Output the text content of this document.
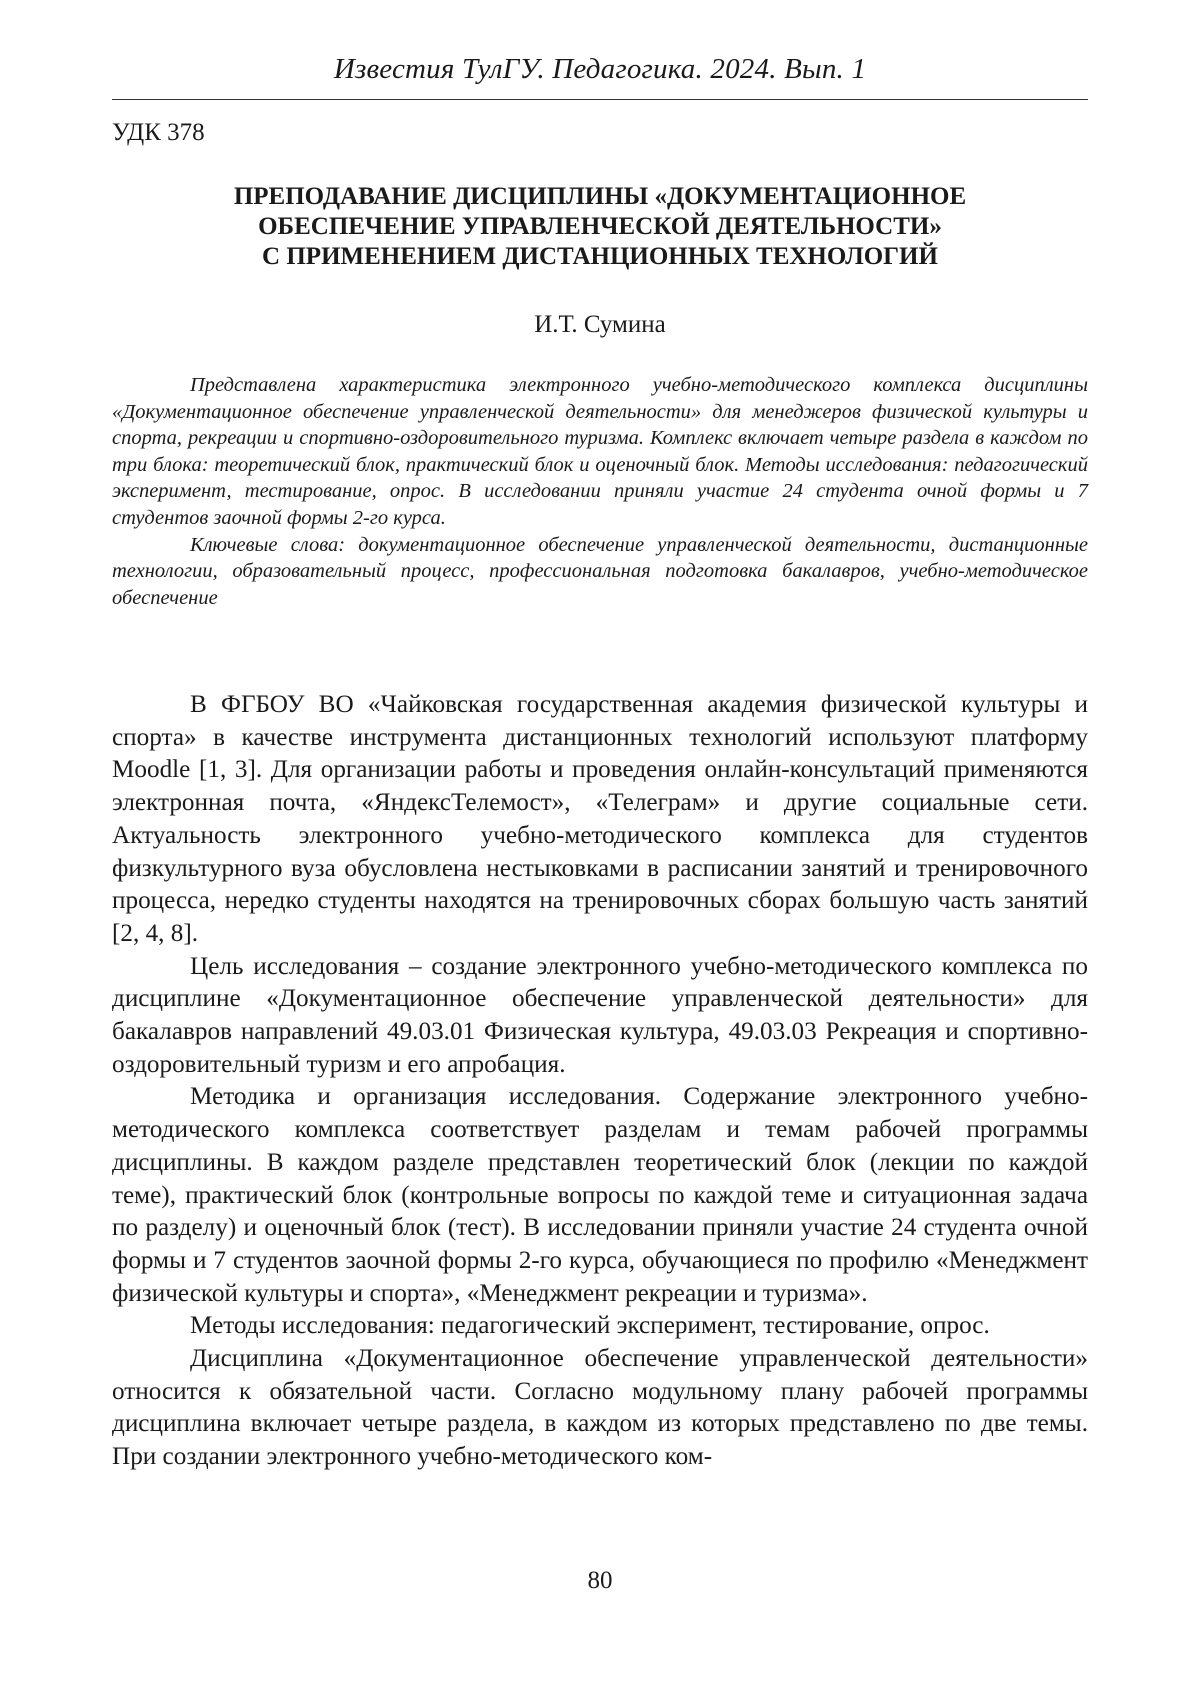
Известия ТулГУ. Педагогика. 2024. Вып. 1
УДК 378
ПРЕПОДАВАНИЕ ДИСЦИПЛИНЫ «ДОКУМЕНТАЦИОННОЕ
ОБЕСПЕЧЕНИЕ УПРАВЛЕНЧЕСКОЙ ДЕЯТЕЛЬНОСТИ»
С ПРИМЕНЕНИЕМ ДИСТАНЦИОННЫХ ТЕХНОЛОГИЙ
И.Т. Сумина

Представлена характеристика электронного учебно-методического комплекса дисциплины «Документационное обеспечение управленческой деятельности» для менеджеров физической культуры и спорта, рекреации и спортивно-оздоровительного туризма. Комплекс включает четыре раздела в каждом по три блока: теоретический блок, практический блок и оценочный блок. Методы исследования: педагогический эксперимент, тестирование, опрос. В исследовании приняли участие 24 студента очной формы и 7 студентов заочной формы 2-го курса.

Ключевые слова: документационное обеспечение управленческой деятельности, дистанционные технологии, образовательный процесс, профессиональная подготовка бакалавров, учебно-методическое обеспечение

В ФГБОУ ВО «Чайковская государственная академия физической культуры и спорта» в качестве инструмента дистанционных технологий используют платформу Moodle [1, 3]. Для организации работы и проведения онлайн-консультаций применяются электронная почта, «ЯндексТелемост», «Телеграм» и другие социальные сети. Актуальность электронного учебно-методического комплекса для студентов физкультурного вуза обусловлена нестыковками в расписании занятий и тренировочного процесса, нередко студенты находятся на тренировочных сборах большую часть занятий [2, 4, 8].

Цель исследования – создание электронного учебно-методического комплекса по дисциплине «Документационное обеспечение управленческой деятельности» для бакалавров направлений 49.03.01 Физическая культура, 49.03.03 Рекреация и спортивно-оздоровительный туризм и его апробация.

Методика и организация исследования. Содержание электронного учебно-методического комплекса соответствует разделам и темам рабочей программы дисциплины. В каждом разделе представлен теоретический блок (лекции по каждой теме), практический блок (контрольные вопросы по каждой теме и ситуационная задача по разделу) и оценочный блок (тест). В исследовании приняли участие 24 студента очной формы и 7 студентов заочной формы 2-го курса, обучающиеся по профилю «Менеджмент физической культуры и спорта», «Менеджмент рекреации и туризма».

Методы исследования: педагогический эксперимент, тестирование, опрос.

Дисциплина «Документационное обеспечение управленческой деятельности» относится к обязательной части. Согласно модульному плану рабочей программы дисциплина включает четыре раздела, в каждом из которых представлено по две темы. При создании электронного учебно-методического ком-

80
